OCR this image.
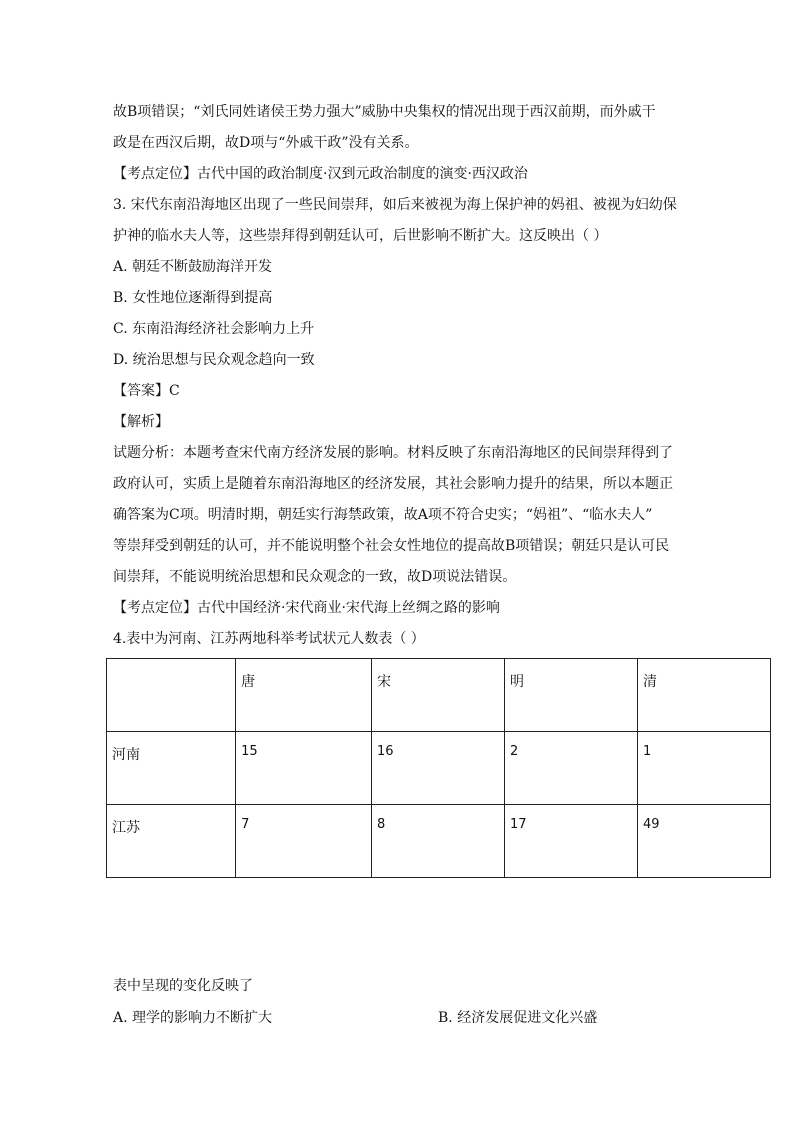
故B项错误；“刘氏同姓诸侯王势力强大”威胁中央集权的情况出现于西汉前期，而外戚干
政是在西汉后期，故D项与“外戚干政”没有关系。
【考点定位】古代中国的政治制度·汉到元政治制度的演变·西汉政治
3. 宋代东南沿海地区出现了一些民间崇拜，如后来被视为海上保护神的妈祖、被视为妇幼保
护神的临水夫人等，这些崇拜得到朝廷认可，后世影响不断扩大。这反映出（ ）
A. 朝廷不断鼓励海洋开发
B. 女性地位逐渐得到提高
C. 东南沿海经济社会影响力上升
D. 统治思想与民众观念趋向一致
【答案】C
【解析】
试题分析：本题考查宋代南方经济发展的影响。材料反映了东南沿海地区的民间崇拜得到了
政府认可，实质上是随着东南沿海地区的经济发展，其社会影响力提升的结果，所以本题正
确答案为C项。明清时期，朝廷实行海禁政策，故A项不符合史实；“妈祖”、“临水夫人”
等崇拜受到朝廷的认可，并不能说明整个社会女性地位的提高故B项错误；朝廷只是认可民
间崇拜，不能说明统治思想和民众观念的一致，故D项说法错误。
【考点定位】古代中国经济·宋代商业·宋代海上丝绸之路的影响
4.表中为河南、江苏两地科举考试状元人数表（ ）
	唐	宋	明	清
河南	15	16	2	1
江苏	7	8	17	49
表中呈现的变化反映了
A. 理学的影响力不断扩大	B. 经济发展促进文化兴盛
